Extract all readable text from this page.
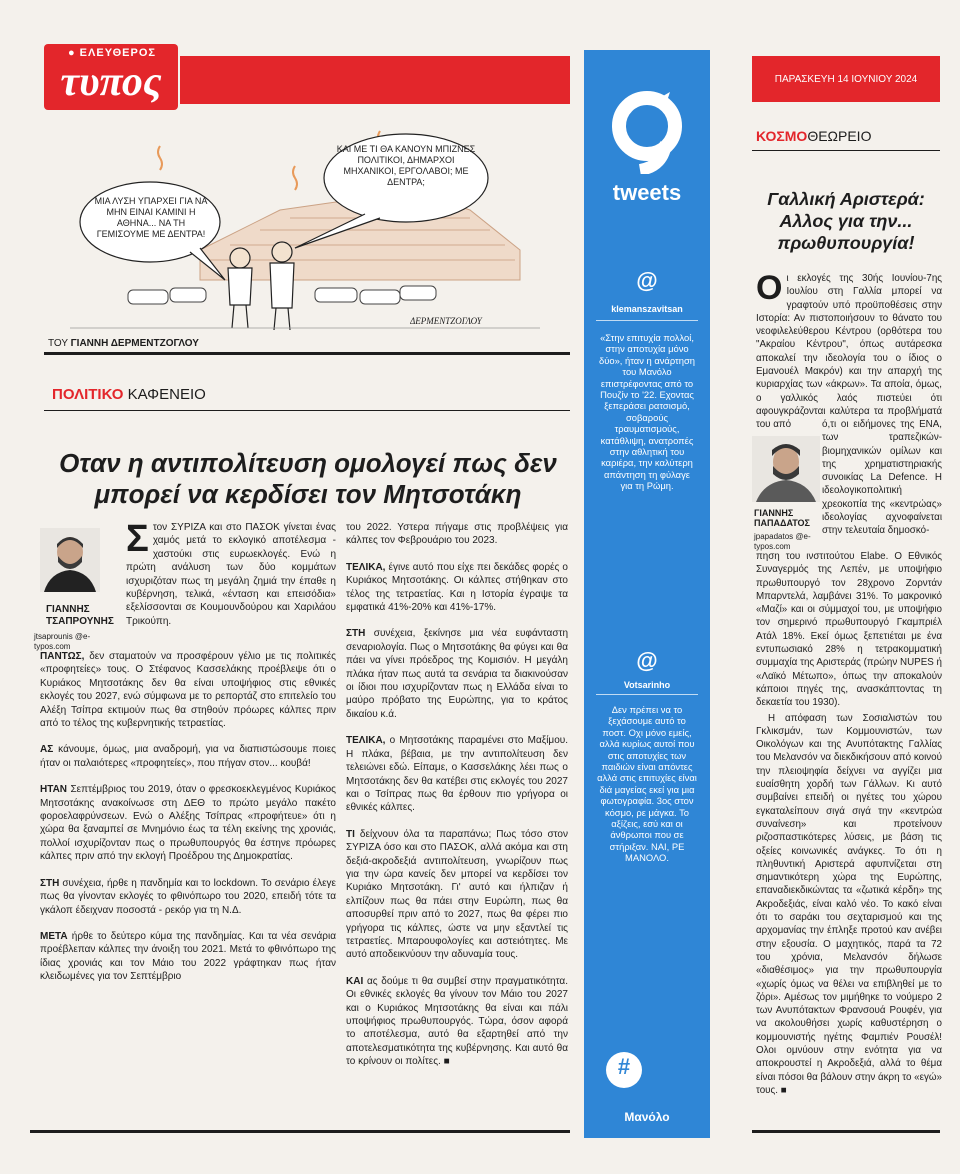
● ΕΛΕΥΘΕΡΟΣ
τυπος	ΠΑΡΑΣΚΕΥΗ 14 ΙΟΥΝΙΟΥ 2024
ΜΙΑ ΛΥΣΗ ΥΠΑΡΧΕΙ ΓΙΑ ΝΑ ΜΗΝ ΕΙΝΑΙ ΚΑΜΙΝΙ Η ΑΘΗΝΑ... ΝΑ ΤΗ ΓΕΜΙΣΟΥΜΕ ΜΕ ΔΕΝΤΡΑ!
ΚΑΙ ΜΕ ΤΙ ΘΑ ΚΑΝΟΥΝ ΜΠΙΖΝΕΣ ΠΟΛΙΤΙΚΟΙ, ΔΗΜΑΡΧΟΙ ΜΗΧΑΝΙΚΟΙ, ΕΡΓΟΛΑΒΟΙ; ΜΕ ΔΕΝΤΡΑ;
ΔΕΡΜΕΝΤΖΟΓΛΟΥ
ΤΟΥ ΓΙΑΝΝΗ ΔΕΡΜΕΝΤΖΟΓΛΟΥ
ΠΟΛΙΤΙΚΟ ΚΑΦΕΝΕΙΟ
Οταν η αντιπολίτευση ομολογεί πως δεν μπορεί να κερδίσει τον Μητσοτάκη
ΓΙΑΝΝΗΣ ΤΣΑΠΡΟΥΝΗΣ
jtsaprounis @e-typos.com

Στον ΣΥΡΙΖΑ και στο ΠΑΣΟΚ γίνεται ένας χαμός μετά το εκλογικό αποτέλεσμα - χαστούκι στις ευρωεκλογές. Ενώ η πρώτη ανάλυση των δύο κομμάτων ισχυριζόταν πως τη μεγάλη ζημιά την έπαθε η κυβέρνηση, τελικά, «ένταση και επεισόδια» εξελίσσονται σε Κουμουνδούρου και Χαριλάου Τρικούπη.

ΠΑΝΤΩΣ, δεν σταματούν να προσφέρουν γέλιο με τις πολιτικές «προφητείες» τους. Ο Στέφανος Κασσελάκης προέβλεψε ότι ο Κυριάκος Μητσοτάκης δεν θα είναι υποψήφιος στις εθνικές εκλογές του 2027, ενώ σύμφωνα με το ρεπορτάζ στο επιτελείο του Αλέξη Τσίπρα εκτιμούν πως θα στηθούν πρόωρες κάλπες πριν από το τέλος της κυβερνητικής τετραετίας.

ΑΣ κάνουμε, όμως, μια αναδρομή, για να διαπιστώσουμε ποιες ήταν οι παλαιότερες «προφητείες», που πήγαν στον... κουβά!

ΗΤΑΝ Σεπτέμβριος του 2019, όταν ο φρεσκοεκλεγμένος Κυριάκος Μητσοτάκης ανακοίνωσε στη ΔΕΘ το πρώτο μεγάλο πακέτο φοροελαφρύνσεων. Ενώ ο Αλέξης Τσίπρας «προφήτευε» ότι η χώρα θα ξαναμπεί σε Μνημόνιο έως τα τέλη εκείνης της χρονιάς, πολλοί ισχυρίζονταν πως ο πρωθυπουργός θα έστηνε πρόωρες κάλπες πριν από την εκλογή Προέδρου της Δημοκρατίας.

ΣΤΗ συνέχεια, ήρθε η πανδημία και το lockdown. Το σενάριο έλεγε πως θα γίνονταν εκλογές το φθινόπωρο του 2020, επειδή τότε τα γκάλοπ έδειχναν ποσοστά - ρεκόρ για τη Ν.Δ.

ΜΕΤΑ ήρθε το δεύτερο κύμα της πανδημίας. Και τα νέα σενάρια προέβλεπαν κάλπες την άνοιξη του 2021. Μετά το φθινόπωρο της ίδιας χρονιάς και τον Μάιο του 2022 γράφτηκαν πως ήταν κλειδωμένες για τον Σεπτέμβριο

του 2022. Υστερα πήγαμε στις προβλέψεις για κάλπες τον Φεβρουάριο του 2023.

ΤΕΛΙΚΑ, έγινε αυτό που είχε πει δεκάδες φορές ο Κυριάκος Μητσοτάκης. Οι κάλπες στήθηκαν στο τέλος της τετραετίας. Και η Ιστορία έγραψε τα εμφατικά 41%-20% και 41%-17%.

ΣΤΗ συνέχεια, ξεκίνησε μια νέα ευφάνταστη σεναριολογία. Πως ο Μητσοτάκης θα φύγει και θα πάει να γίνει πρόεδρος της Κομισιόν. Η μεγάλη πλάκα ήταν πως αυτά τα σενάρια τα διακινούσαν οι ίδιοι που ισχυρίζονταν πως η Ελλάδα είναι το μαύρο πρόβατο της Ευρώπης, για το κράτος δικαίου κ.ά.

ΤΕΛΙΚΑ, ο Μητσοτάκης παραμένει στο Μαξίμου. Η πλάκα, βέβαια, με την αντιπολίτευση δεν τελειώνει εδώ. Είπαμε, ο Κασσελάκης λέει πως ο Μητσοτάκης δεν θα κατέβει στις εκλογές του 2027 και ο Τσίπρας πως θα έρθουν πιο γρήγορα οι εθνικές κάλπες.

ΤΙ δείχνουν όλα τα παραπάνω; Πως τόσο στον ΣΥΡΙΖΑ όσο και στο ΠΑΣΟΚ, αλλά ακόμα και στη δεξιά-ακροδεξιά αντιπολίτευση, γνωρίζουν πως για την ώρα κανείς δεν μπορεί να κερδίσει τον Κυριάκο Μητσοτάκη. Γι' αυτό και ήλπιζαν ή ελπίζουν πως θα πάει στην Ευρώπη, πως θα αποσυρθεί πριν από το 2027, πως θα φέρει πιο γρήγορα τις κάλπες, ώστε να μην εξαντλεί τις τετραετίες. Μπαρουφολογίες και αστειότητες. Με αυτό αποδεικνύουν την αδυναμία τους.

ΚΑΙ ας δούμε τι θα συμβεί στην πραγματικότητα. Οι εθνικές εκλογές θα γίνουν τον Μάιο του 2027 και ο Κυριάκος Μητσοτάκης θα είναι και πάλι υποψήφιος πρωθυπουργός. Τώρα, όσον αφορά το αποτέλεσμα, αυτό θα εξαρτηθεί από την αποτελεσματικότητα της κυβέρνησης. Και αυτό θα το κρίνουν οι πολίτες. ■

tweets
@
klemanszavitsan
«Στην επιτυχία πολλοί, στην αποτυχία μόνο δύο», ήταν η ανάρτηση του Μανόλο επιστρέφοντας από το Πουζίν το '22. Εχοντας ξεπεράσει ρατσισμό, σοβαρούς τραυματισμούς, κατάθλιψη, ανατροπές στην αθλητική του καριέρα, την καλύτερη απάντηση τη φύλαγε για τη Ρώμη.
@
Votsarinho
Δεν πρέπει να το ξεχάσουμε αυτό το ποστ. Οχι μόνο εμείς, αλλά κυρίως αυτοί που στις αποτυχίες των παιδιών είναι απόντες αλλά στις επιτυχίες είναι διά μαγείας εκεί για μια φωτογραφία. 3ος στον κόσμο, ρε μάγκα. Το αξίζεις, εσύ και οι άνθρωποι που σε στήριξαν. ΝΑΙ, ΡΕ ΜΑΝΟΛΟ.
#
Μανόλο
ΚΟΣΜΟΘΕΩΡΕΙΟ
Γαλλική Αριστερά: Αλλος για την... πρωθυπουργία!

Οι εκλογές της 30ής Ιουνίου-7ης Ιουλίου στη Γαλλία μπορεί να γραφτούν υπό προϋποθέσεις στην Ιστορία: Αν πιστοποιήσουν το θάνατο του νεοφιλελεύθερου Κέντρου (ορθότερα του "Ακραίου Κέντρου", όπως αυτάρεσκα αποκαλεί την ιδεολογία του ο ίδιος ο Εμανουέλ Μακρόν) και την απαρχή της κυριαρχίας των «άκρων». Τα αποία, όμως, ο γαλλικός λαός πιστεύει ότι αφουγκράζονται καλύτερα τα προβλήματά του από	ό,τι οι ειδήμονες της ΕΝΑ, των τραπεζικών-βιομηχανικών ομίλων και της χρηματιστηριακής συνοικίας La Defence. Η ιδεολογικοπολιτική χρεοκοπία της «κεντρώας» ιδεολογίας αχνοφαίνεται στην τελευταία δημοσκό-

ΓΙΑΝΝΗΣ ΠΑΠΑΔΑΤΟΣ
jpapadatos @e-typos.com

πηση του ινστιτούτου Elabe. Ο Εθνικός Συναγερμός της Λεπέν, με υποψήφιο πρωθυπουργό τον 28χρονο Ζορντάν Μπαρντελά, λαμβάνει 31%. Το μακρονικό «Μαζί» και οι σύμμαχοί του, με υποψήφιο τον σημερινό πρωθυπουργό Γκαμπριέλ Ατάλ 18%. Εκεί όμως ξεπετιέται με ένα εντυπωσιακό 28% η τετρακομματική συμμαχία της Αριστεράς (πρώην NUPES ή «Λαϊκό Μέτωπο», όπως την αποκαλούν κάποιοι πηγές της, ανασκάπτοντας τη δεκαετία του 1930).

Η απόφαση των Σοσιαλιστών του Γκλικσμάν, των Κομμουνιστών, των Οικολόγων και της Ανυπότακτης Γαλλίας του Μελανσόν να διεκδικήσουν από κοινού την πλειοψηφία δείχνει να αγγίζει μια ευαίσθητη χορδή των Γάλλων. Κι αυτό συμβαίνει επειδή οι ηγέτες του χώρου εγκαταλείπουν σιγά σιγά την «κεντρώα συναίνεση» και προτείνουν ριζοσπαστικότερες λύσεις, με βάση τις οξείες κοινωνικές ανάγκες. Το ότι η πληθυντική Αριστερά αφυπνίζεται στη σημαντικότερη χώρα της Ευρώπης, επαναδιεκδικώντας τα «ζωτικά κέρδη» της Ακροδεξιάς, είναι καλό νέο. Το κακό είναι ότι το σαράκι του σεχταρισμού και της αρχομανίας την έπληξε προτού καν ανέβει στην εξουσία. Ο μαχητικός, παρά τα 72 του χρόνια, Μελανσόν δήλωσε «διαθέσιμος» για την πρωθυπουργία «χωρίς όμως να θέλει να επιβληθεί με το ζόρι». Αμέσως τον μιμήθηκε το νούμερο 2 των Ανυπότακτων Φρανσουά Ρουφέν, για να ακολουθήσει χωρίς καθυστέρηση ο κομμουνιστής ηγέτης Φαμπιέν Ρουσέλ! Ολοι ομνύουν στην ενότητα για να αποκρουστεί η Ακροδεξιά, αλλά το θέμα είναι πόσοι θα βάλουν στην άκρη το «εγώ» τους. ■
